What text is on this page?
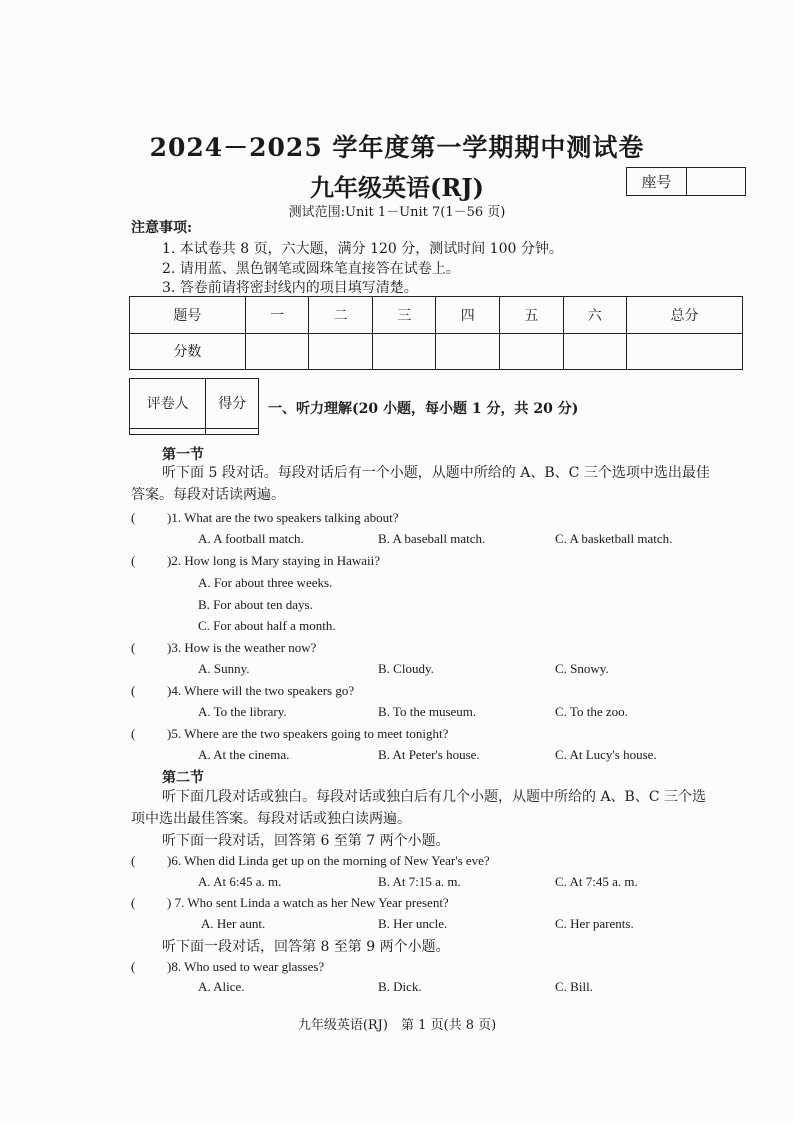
2024－2025 学年度第一学期期中测试卷
九年级英语(RJ)	座号
测试范围:Unit 1－Unit 7(1－56 页)
注意事项:
1. 本试卷共 8 页，六大题，满分 120 分，测试时间 100 分钟。
2. 请用蓝、黑色钢笔或圆珠笔直接答在试卷上。
3. 答卷前请将密封线内的项目填写清楚。
题号	一	二	三	四	五	六	总分
分数							
评卷人	得分
	一、听力理解(20 小题，每小题 1 分，共 20 分)
第一节
听下面 5 段对话。每段对话后有一个小题，从题中所给的 A、B、C 三个选项中选出最佳
答案。每段对话读两遍。
( )1. What are the two speakers talking about?
A. A football match.	B. A baseball match.	C. A basketball match.
( )2. How long is Mary staying in Hawaii?
A. For about three weeks.
B. For about ten days.
C. For about half a month.
( )3. How is the weather now?
A. Sunny.	B. Cloudy.	C. Snowy.
( )4. Where will the two speakers go?
A. To the library.	B. To the museum.	C. To the zoo.
( )5. Where are the two speakers going to meet tonight?
A. At the cinema.	B. At Peter's house.	C. At Lucy's house.
第二节
听下面几段对话或独白。每段对话或独白后有几个小题，从题中所给的 A、B、C 三个选
项中选出最佳答案。每段对话或独白读两遍。
听下面一段对话，回答第 6 至第 7 两个小题。
( )6. When did Linda get up on the morning of New Year's eve?
A. At 6:45 a. m.	B. At 7:15 a. m.	C. At 7:45 a. m.
( ) 7. Who sent Linda a watch as her New Year present?
A. Her aunt.	B. Her uncle.	C. Her parents.
听下面一段对话，回答第 8 至第 9 两个小题。
( )8. Who used to wear glasses?
A. Alice.	B. Dick.	C. Bill.
九年级英语(RJ)　第 1 页(共 8 页)
